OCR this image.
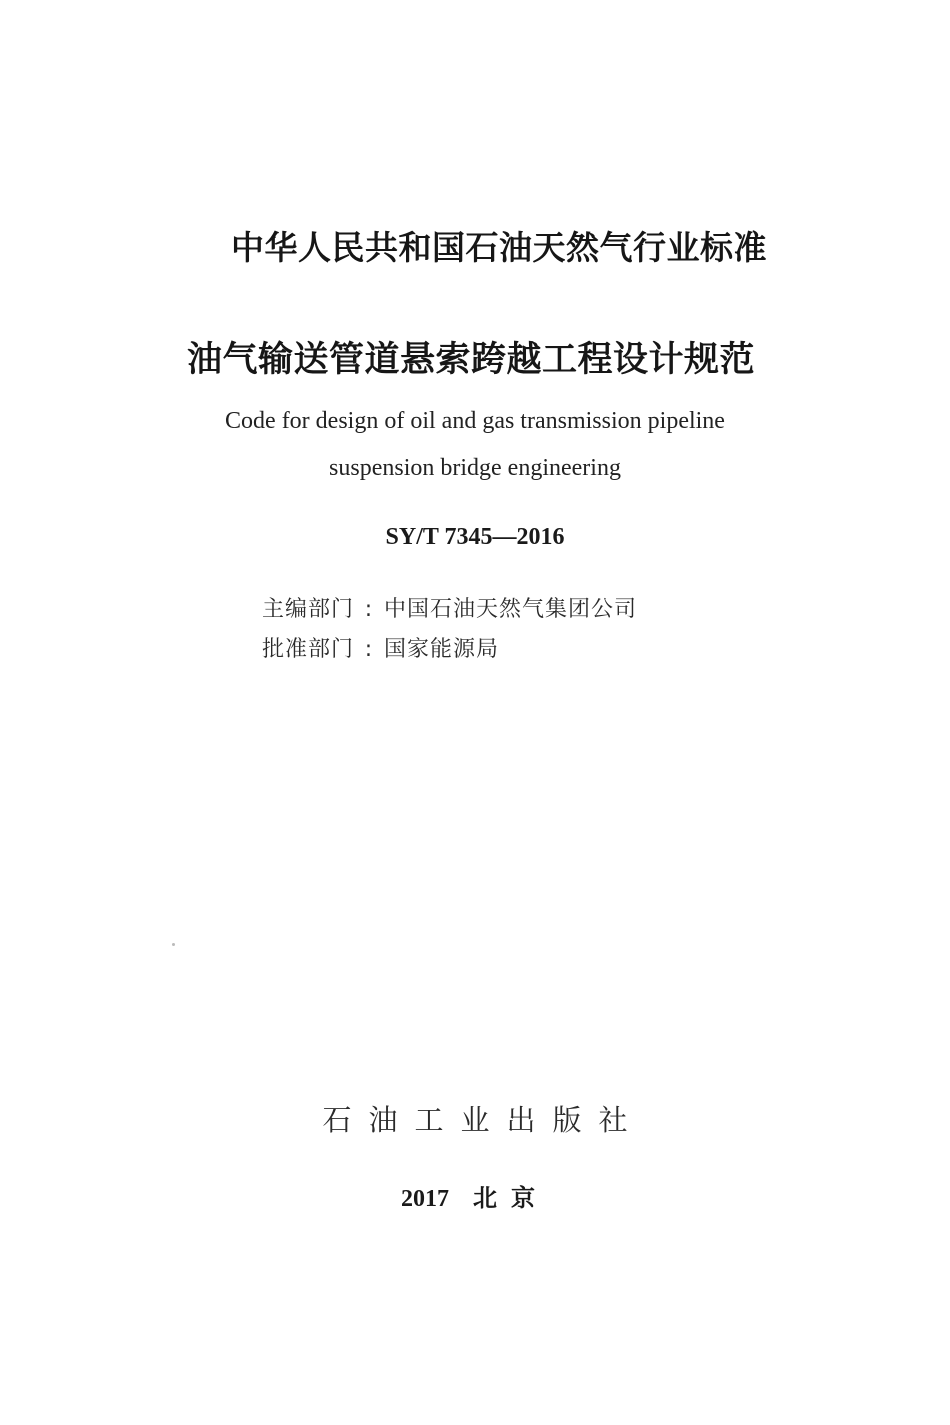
中华人民共和国石油天然气行业标准
油气输送管道悬索跨越工程设计规范
Code for design of oil and gas transmission pipeline
suspension bridge engineering
SY/T 7345—2016
主编部门 : 中国石油天然气集团公司
批准部门 : 国家能源局
石油工业出版社
2017 北京
